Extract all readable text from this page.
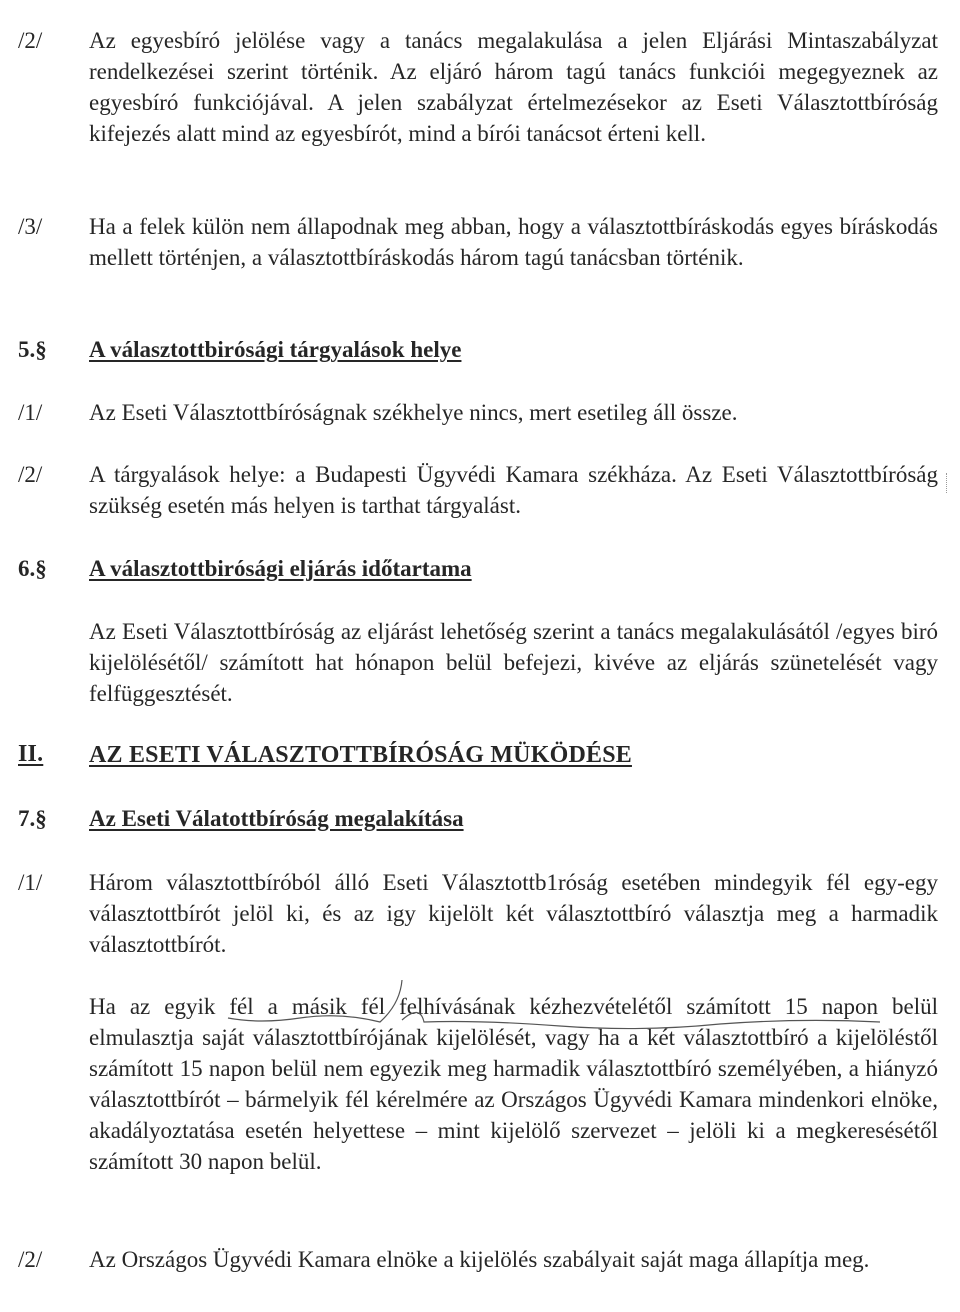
/2/	Az egyesbíró jelölése vagy a tanács megalakulása a jelen Eljárási Mintaszabályzat rendelkezései szerint történik. Az eljáró három tagú tanács funkciói megegyeznek az egyesbíró funkciójával. A jelen szabályzat értelmezésekor az Eseti Választottbíróság kifejezés alatt mind az egyesbírót, mind a bírói tanácsot érteni kell.
/3/	Ha a felek külön nem állapodnak meg abban, hogy a választottbíráskodás egyes bíráskodás mellett történjen, a választottbíráskodás három tagú tanácsban történik.
5.§	A választottbirósági tárgyalások helye
/1/	Az Eseti Választottbíróságnak székhelye nincs, mert esetileg áll össze.
/2/	A tárgyalások helye: a Budapesti Ügyvédi Kamara székháza. Az Eseti Választottbíróság szükség esetén más helyen is tarthat tárgyalást.
6.§	A választottbirósági eljárás időtartama
Az Eseti Választottbíróság az eljárást lehetőség szerint a tanács megalakulásától /egyes biró kijelölésétől/ számított hat hónapon belül befejezi, kivéve az eljárás szünetelését vagy felfüggesztését.
II.	AZ ESETI VÁLASZTOTTBÍRÓSÁG MÜKÖDÉSE
7.§	Az Eseti Válatottbíróság megalakítása
/1/	Három választottbíróból álló Eseti Választottb1róság esetében mindegyik fél egy-egy választottbírót jelöl ki, és az igy kijelölt két választottbíró választja meg a harmadik választottbírót.
Ha az egyik fél a másik fél felhívásának kézhezvételétől számított 15 napon belül elmulasztja saját választottbírójának kijelölését, vagy ha a két választottbíró a kijelöléstől számított 15 napon belül nem egyezik meg harmadik választottbíró személyében, a hiányzó választottbírót – bármelyik fél kérelmére az Országos Ügyvédi Kamara mindenkori elnöke, akadályoztatása esetén helyettese – mint kijelölő szervezet – jelöli ki a megkeresésétől számított 30 napon belül.
/2/	Az Országos Ügyvédi Kamara elnöke a kijelölés szabályait saját maga állapítja meg.
